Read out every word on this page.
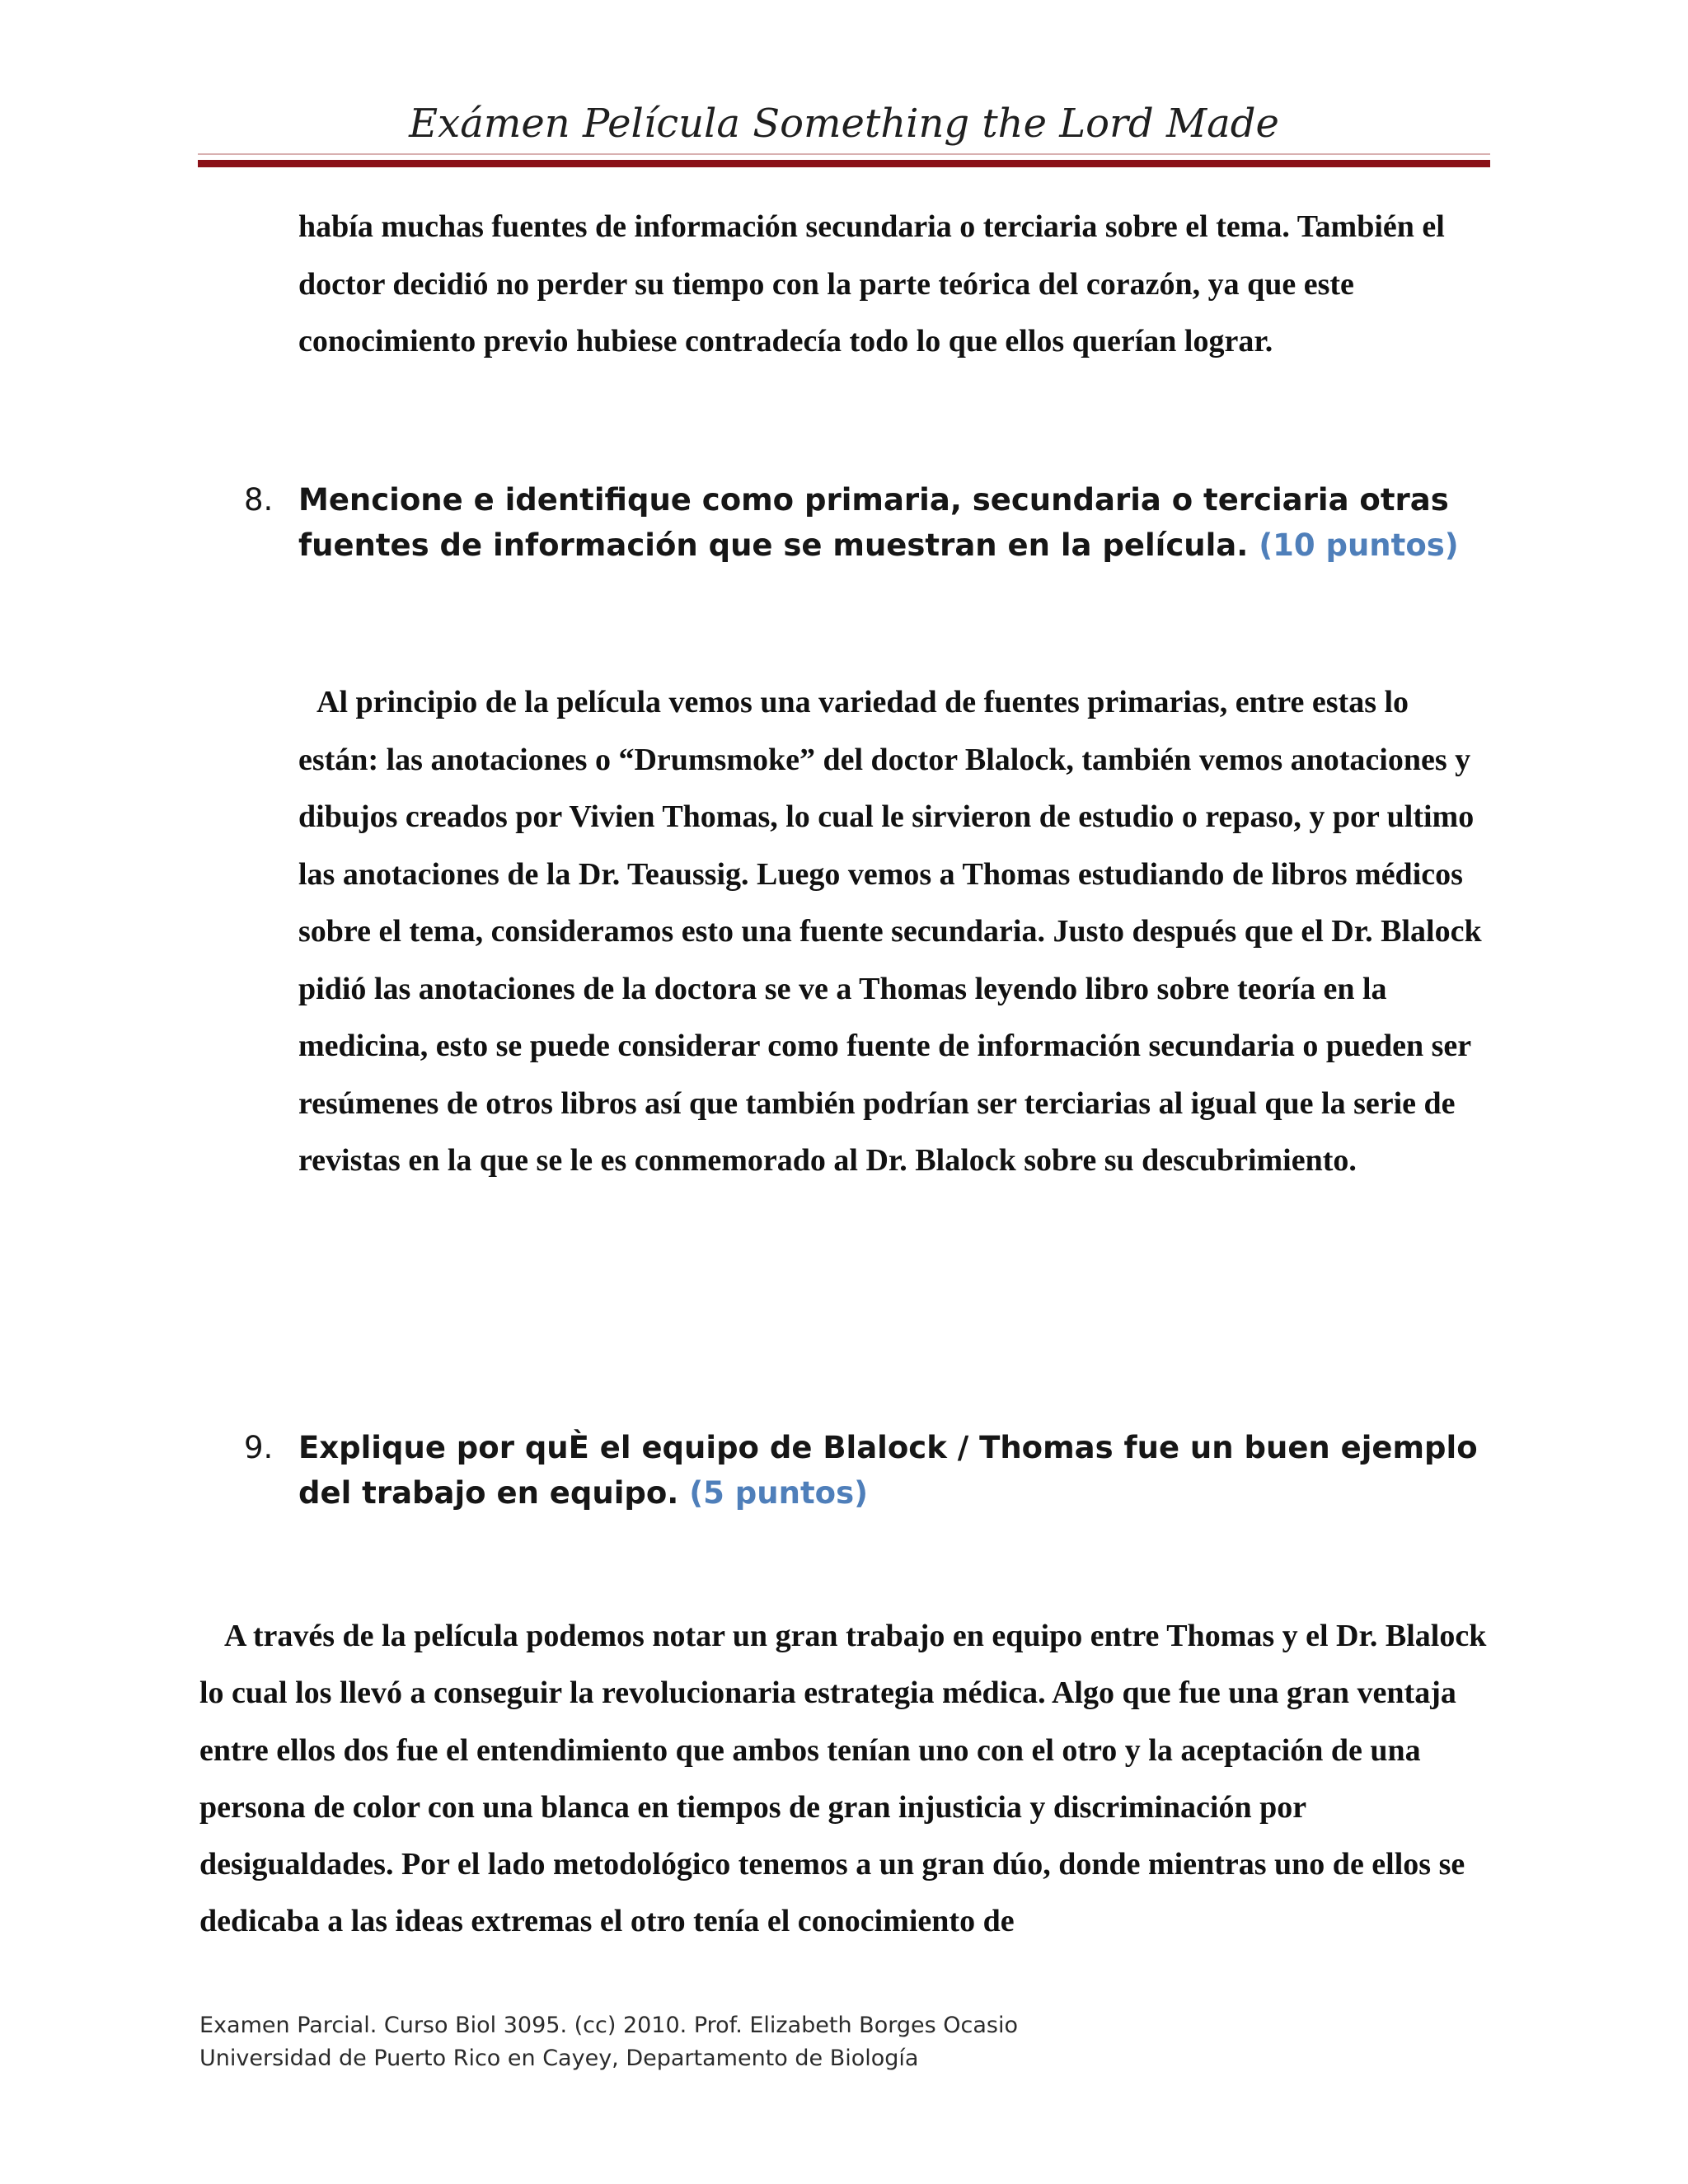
Exámen Película Something the Lord Made

había muchas fuentes de información secundaria o terciaria sobre el tema. También el doctor decidió no perder su tiempo con la parte teórica del corazón, ya que este conocimiento previo hubiese contradecía todo lo que ellos querían lograr.

8. Mencione e identifique como primaria, secundaria o terciaria otras fuentes de información que se muestran en la película. (10 puntos)

Al principio de la película vemos una variedad de fuentes primarias, entre estas lo están: las anotaciones o “Drumsmoke” del doctor Blalock, también vemos anotaciones y dibujos creados por Vivien Thomas, lo cual le sirvieron de estudio o repaso, y por ultimo las anotaciones de la Dr. Teaussig. Luego vemos a Thomas estudiando de libros médicos sobre el tema, consideramos esto una fuente secundaria. Justo después que el Dr. Blalock pidió las anotaciones de la doctora se ve a Thomas leyendo libro sobre teoría en la medicina, esto se puede considerar como fuente de información secundaria o pueden ser resúmenes de otros libros así que también podrían ser terciarias al igual que la serie de revistas en la que se le es conmemorado al Dr. Blalock sobre su descubrimiento.

9. Explique por quÈ el equipo de Blalock / Thomas fue un buen ejemplo del trabajo en equipo. (5 puntos)

A través de la película podemos notar un gran trabajo en equipo entre Thomas y el Dr. Blalock lo cual los llevó a conseguir la revolucionaria estrategia médica. Algo que fue una gran ventaja entre ellos dos fue el entendimiento que ambos tenían uno con el otro y la aceptación de una persona de color con una blanca en tiempos de gran injusticia y discriminación por desigualdades. Por el lado metodológico tenemos a un gran dúo, donde mientras uno de ellos se dedicaba a las ideas extremas el otro tenía el conocimiento de

Examen Parcial. Curso Biol 3095. (cc) 2010. Prof. Elizabeth Borges Ocasio
Universidad de Puerto Rico en Cayey, Departamento de Biología
